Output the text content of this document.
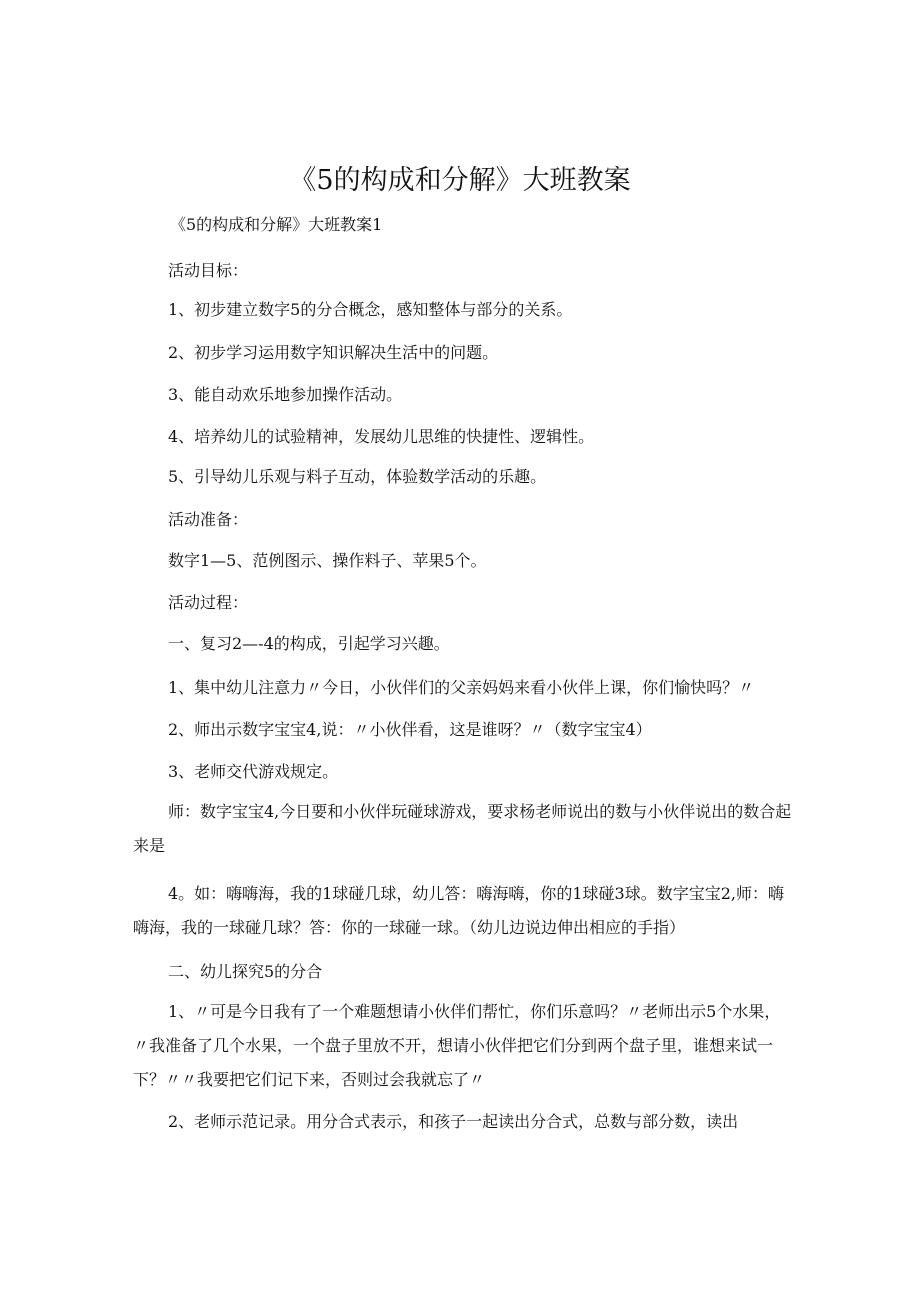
《5的构成和分解》大班教案

《5的构成和分解》大班教案1

活动目标：

1、初步建立数字5的分合概念，感知整体与部分的关系。

2、初步学习运用数字知识解决生活中的问题。

3、能自动欢乐地参加操作活动。

4、培养幼儿的试验精神，发展幼儿思维的快捷性、逻辑性。

5、引导幼儿乐观与料子互动，体验数学活动的乐趣。

活动准备：

数字1—5、范例图示、操作料子、苹果5个。

活动过程：

一、复习2—-4的构成，引起学习兴趣。

1、集中幼儿注意力〃今日，小伙伴们的父亲妈妈来看小伙伴上课，你们愉快吗？〃

2、师出示数字宝宝4,说：〃小伙伴看，这是谁呀？〃（数字宝宝4）

3、老师交代游戏规定。

师：数字宝宝4,今日要和小伙伴玩碰球游戏，要求杨老师说出的数与小伙伴说出的数合起来是

4。如：嗨嗨海，我的1球碰几球，幼儿答：嗨海嗨，你的1球碰3球。数字宝宝2,师：嗨嗨海，我的一球碰几球？答：你的一球碰一球。（幼儿边说边伸出相应的手指）

二、幼儿探究5的分合

1、〃可是今日我有了一个难题想请小伙伴们帮忙，你们乐意吗？〃老师出示5个水果，〃我准备了几个水果，一个盘子里放不开，想请小伙伴把它们分到两个盘子里，谁想来试一下？〃〃我要把它们记下来，否则过会我就忘了〃

2、老师示范记录。用分合式表示，和孩子一起读出分合式，总数与部分数，读出
